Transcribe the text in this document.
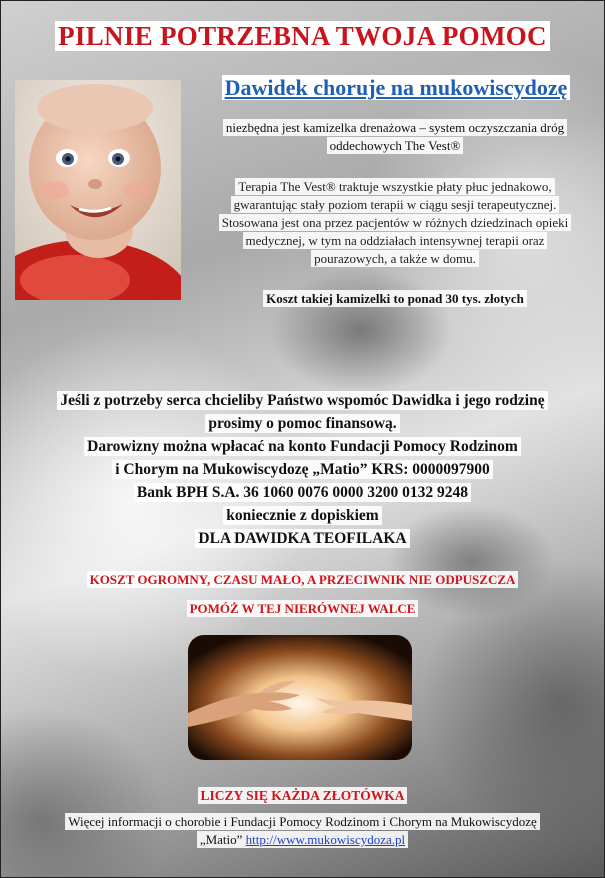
PILNIE POTRZEBNA TWOJA POMOC
Dawidek choruje na mukowiscydozę
niezbędna jest kamizelka drenażowa – system oczyszczania dróg
oddechowych The Vest®
Terapia The Vest® traktuje wszystkie płaty płuc jednakowo,
gwarantując stały poziom terapii w ciągu sesji terapeutycznej.
Stosowana jest ona przez pacjentów w różnych dziedzinach opieki
medycznej, w tym na oddziałach intensywnej terapii oraz
pourazowych, a także w domu.
Koszt takiej kamizelki to ponad 30 tys. złotych
Jeśli z potrzeby serca chcieliby Państwo wspomóc Dawidka i jego rodzinę
prosimy o pomoc finansową.
Darowizny można wpłacać na konto Fundacji Pomocy Rodzinom
i Chorym na Mukowiscydozę „Matio” KRS: 0000097900
Bank BPH S.A. 36 1060 0076 0000 3200 0132 9248
koniecznie z dopiskiem
DLA DAWIDKA TEOFILAKA
KOSZT OGROMNY, CZASU MAŁO, A PRZECIWNIK NIE ODPUSZCZA
POMÓŻ W TEJ NIERÓWNEJ WALCE
LICZY SIĘ KAŻDA ZŁOTÓWKA
Więcej informacji o chorobie i Fundacji Pomocy Rodzinom i Chorym na Mukowiscydozę
„Matio” http://www.mukowiscydoza.pl
